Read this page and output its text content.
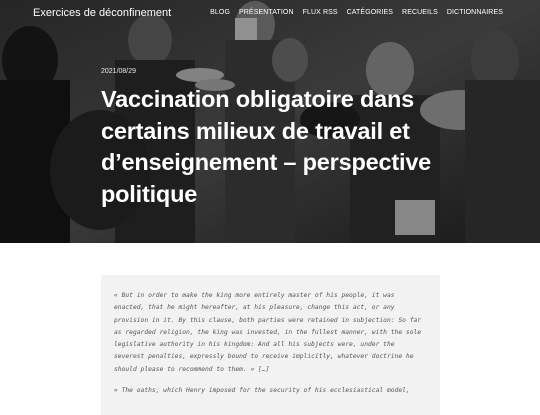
Exercices de déconfinement	BLOG PRÉSENTATION FLUX RSS CATÉGORIES RECUEILS DICTIONNAIRES
2021/08/29
Vaccination obligatoire dans certains milieux de travail et d’enseignement – perspective politique

« But in order to make the king more entirely master of his people, it was enacted, that he might hereafter, at his pleasure, change this act, or any provision in it. By this clause, both parties were retained in subjection: So far as regarded religion, the king was invested, in the fullest manner, with the sole legislative authority in his kingdom: And all his subjects were, under the severest penalties, expressly bound to receive implicitly, whatever doctrine he should please to recommend to them. » […]

« The oaths, which Henry imposed for the security of his ecclesiastical model,
